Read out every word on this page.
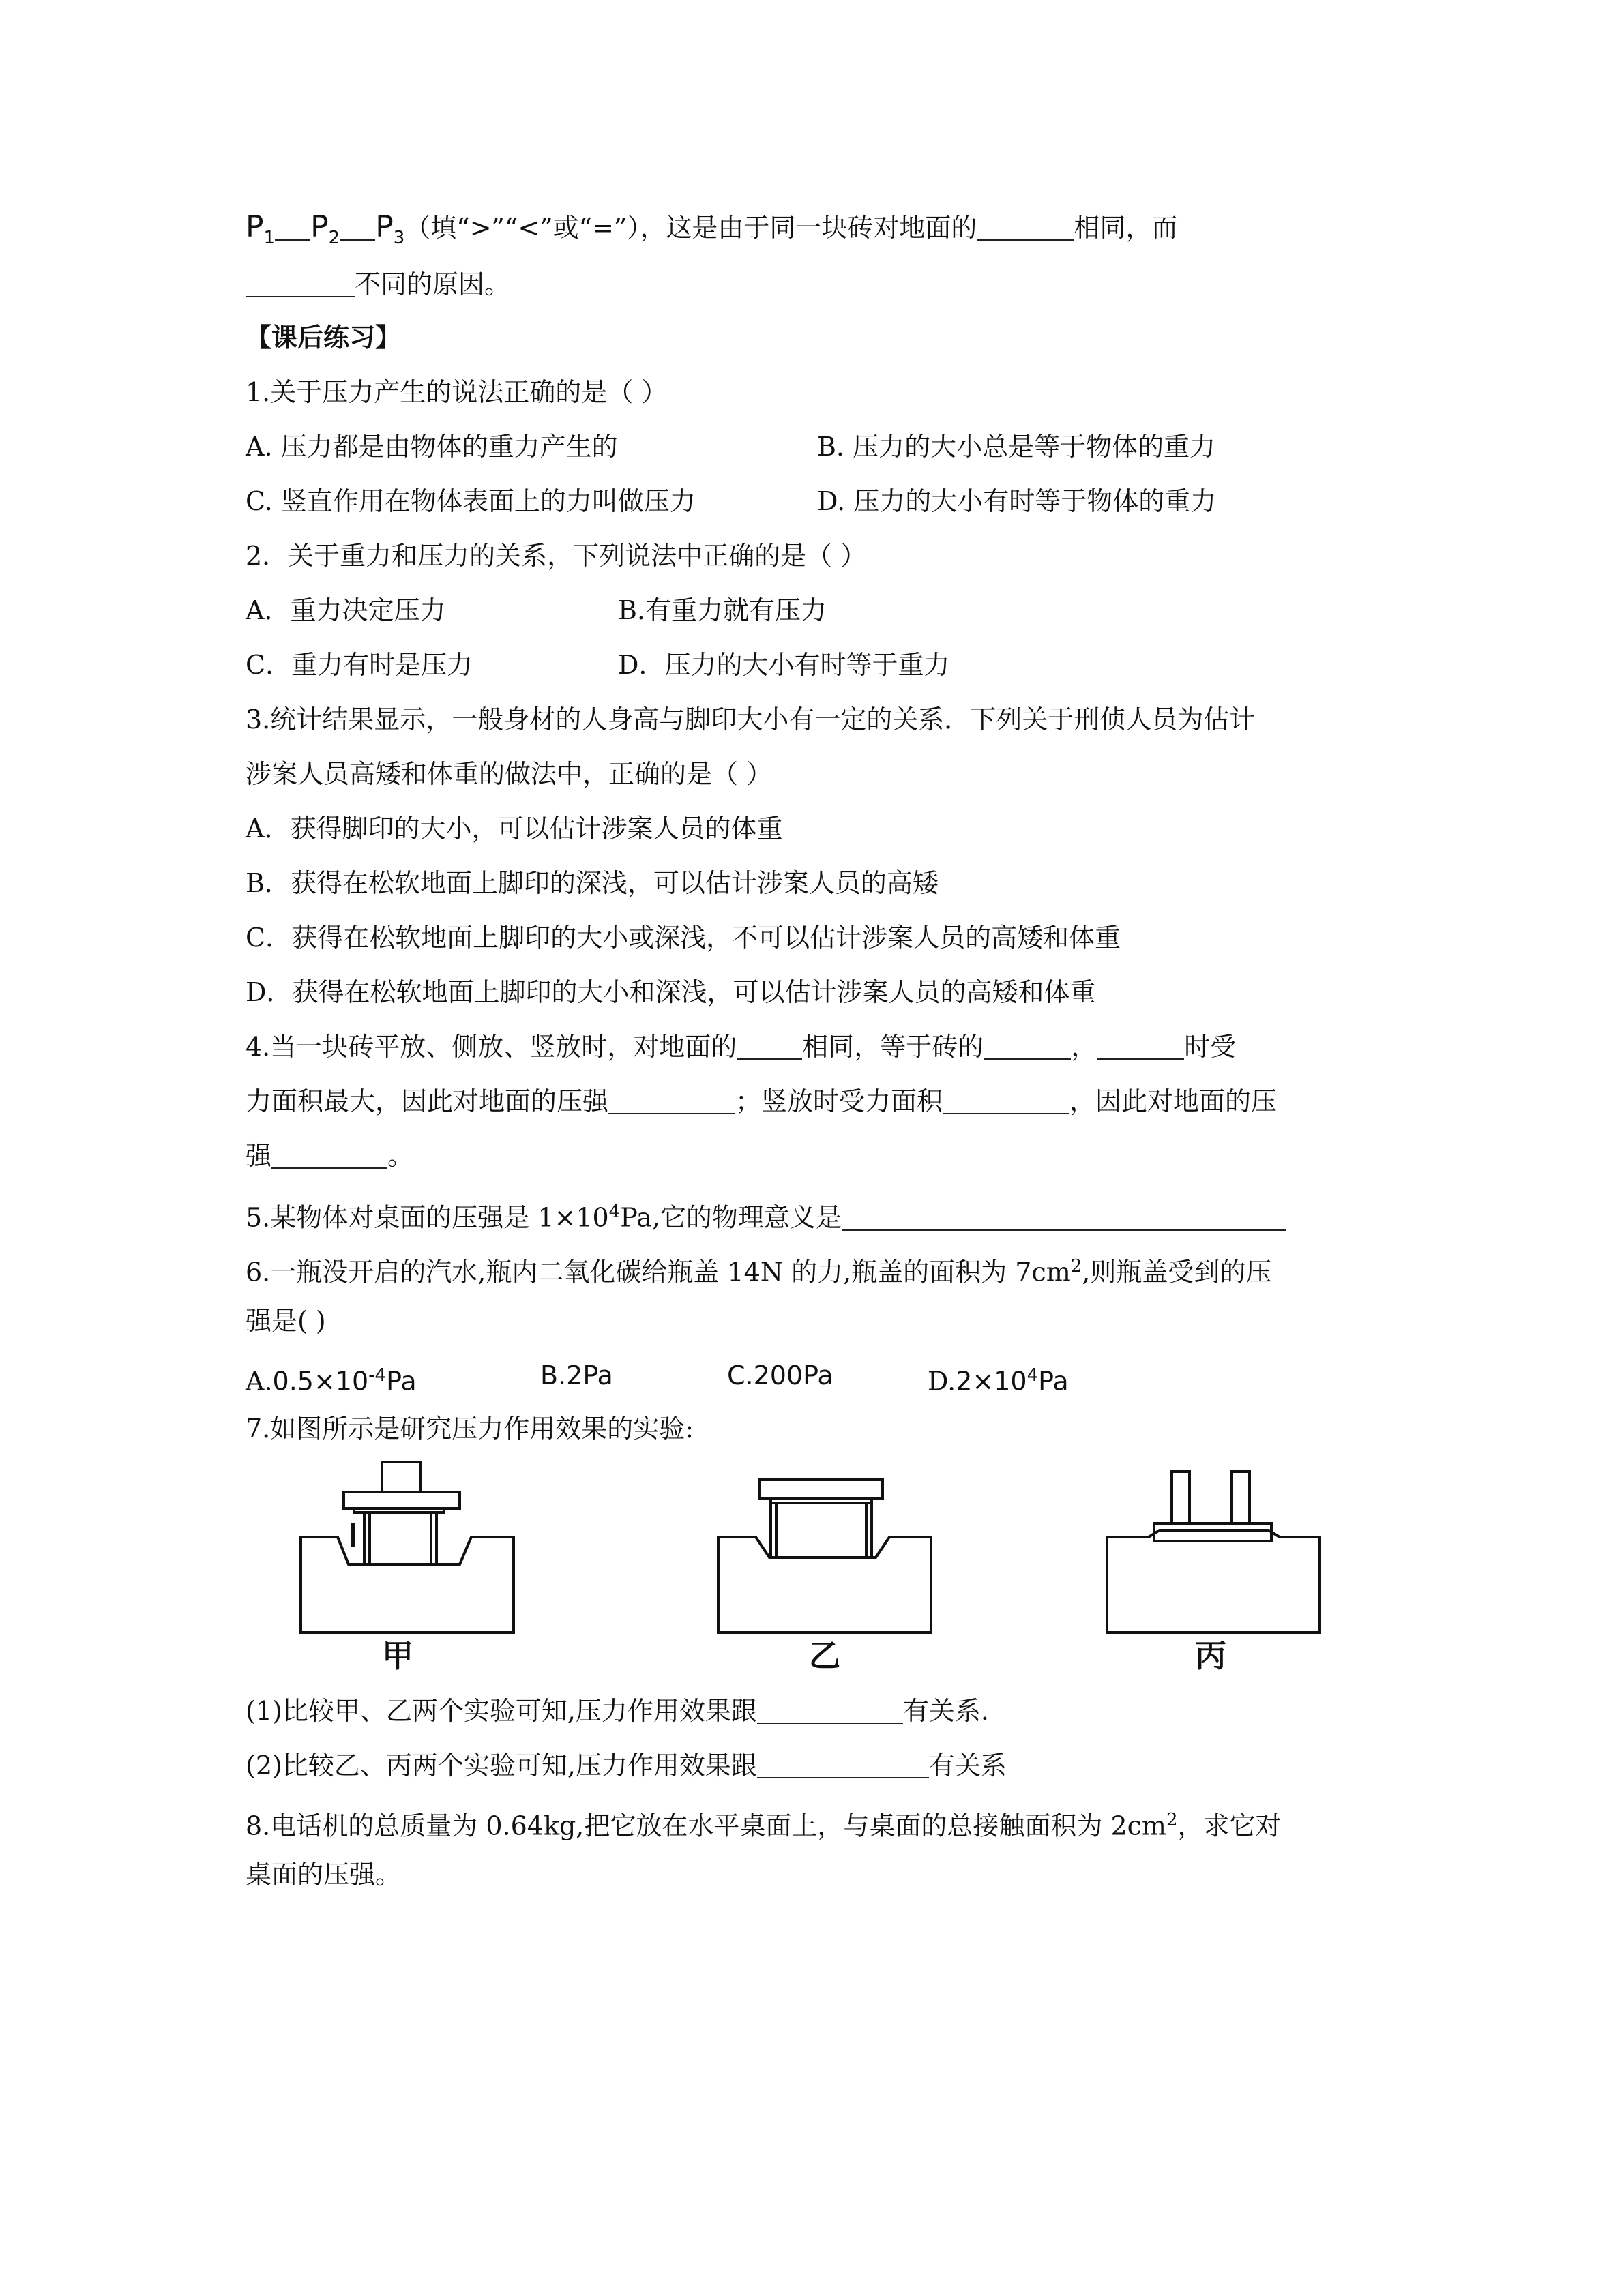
$P_1$ $P_2$ $P_3$（填“>”“<”或“=”），这是由于同一块砖对地面的	相同，而
不同的原因。
【课后练习】
1.关于压力产生的说法正确的是（ ）
A. 压力都是由物体的重力产生的	B. 压力的大小总是等于物体的重力
C. 竖直作用在物体表面上的力叫做压力	D. 压力的大小有时等于物体的重力
2．关于重力和压力的关系，下列说法中正确的是（ ）
A．重力决定压力	B.有重力就有压力
C．重力有时是压力	D．压力的大小有时等于重力
3.统计结果显示，一般身材的人身高与脚印大小有一定的关系．下列关于刑侦人员为估计
涉案人员高矮和体重的做法中，正确的是（ ）
A．获得脚印的大小，可以估计涉案人员的体重
B．获得在松软地面上脚印的深浅，可以估计涉案人员的高矮
C．获得在松软地面上脚印的大小或深浅，不可以估计涉案人员的高矮和体重
D．获得在松软地面上脚印的大小和深浅，可以估计涉案人员的高矮和体重
4.当一块砖平放、侧放、竖放时，对地面的	相同，等于砖的	，	时受
力面积最大，因此对地面的压强	；竖放时受力面积	，因此对地面的压
强	。
5.某物体对桌面的压强是 $1\times 10^4Pa$,它的物理意义是
6.一瓶没开启的汽水,瓶内二氧化碳给瓶盖 14N 的力,瓶盖的面积为 $7cm^2$,则瓶盖受到的压
强是( )
$A.0.5\times 10^{-4}Pa$	B.2Pa	C.200Pa	$D.2\times 10^4Pa$
7.如图所示是研究压力作用效果的实验:
甲	乙	丙
(1)比较甲、乙两个实验可知,压力作用效果跟	有关系.
(2)比较乙、丙两个实验可知,压力作用效果跟	有关系
8.电话机的总质量为 0.64kg,把它放在水平桌面上，与桌面的总接触面积为 $2cm^2$，求它对
桌面的压强。
